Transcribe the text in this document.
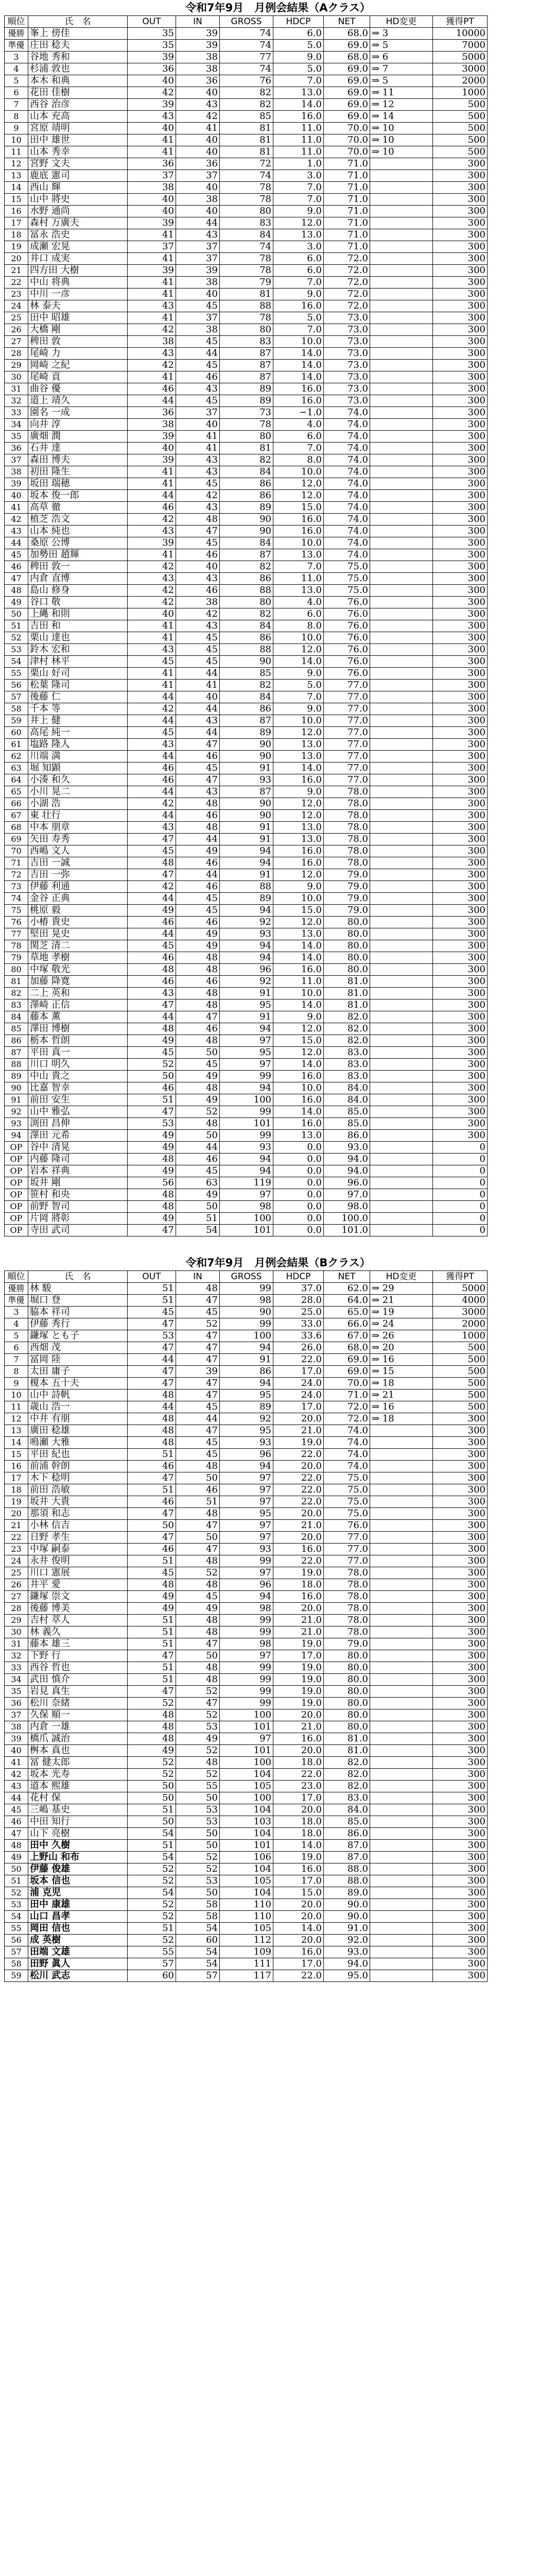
令和7年9月　月例会結果（Aクラス）
順位	氏　名	OUT	IN	GROSS	HDCP	NET	HD変更	獲得PT
優勝	峯上 傍佳	35	39	74	6.0	68.0	⇒ 3	10000
準優	庄田 稔夫	35	39	74	5.0	69.0	⇒ 5	7000
3	谷地 秀和	39	38	77	9.0	68.0	⇒ 6	5000
4	杉浦 敦也	36	38	74	5.0	69.0	⇒ 7	3000
5	本木 和典	40	36	76	7.0	69.0	⇒ 5	2000
6	花田 佳樹	42	40	82	13.0	69.0	⇒ 11	1000
7	西谷 治彦	39	43	82	14.0	69.0	⇒ 12	500
8	山本 充高	43	42	85	16.0	69.0	⇒ 14	500
9	宮原 靖明	40	41	81	11.0	70.0	⇒ 10	500
10	田中 雄世	41	40	81	11.0	70.0	⇒ 10	500
11	山本 秀幸	41	40	81	11.0	70.0	⇒ 10	500
12	宮野 文夫	36	36	72	1.0	71.0		300
13	鹿底 憲司	37	37	74	3.0	71.0		300
14	西山 輝	38	40	78	7.0	71.0		300
15	山中 將史	40	38	78	7.0	71.0		300
16	水野 通尚	40	40	80	9.0	71.0		300
17	森村 万廣夫	39	44	83	12.0	71.0		300
18	冨永 浩史	41	43	84	13.0	71.0		300
19	成瀬 宏晃	37	37	74	3.0	71.0		300
20	井口 成実	41	37	78	6.0	72.0		300
21	四方田 大樹	39	39	78	6.0	72.0		300
22	中山 将典	41	38	79	7.0	72.0		300
23	中川 一彦	41	40	81	9.0	72.0		300
24	林 泰夫	43	45	88	16.0	72.0		300
25	田中 昭雄	41	37	78	5.0	73.0		300
26	大橋 剛	42	38	80	7.0	73.0		300
27	稗田 敦	38	45	83	10.0	73.0		300
28	尾崎 力	43	44	87	14.0	73.0		300
29	岡崎 之紀	42	45	87	14.0	73.0		300
30	尾崎 貢	41	46	87	14.0	73.0		300
31	曲谷 優	46	43	89	16.0	73.0		300
32	道上 靖久	44	45	89	16.0	73.0		300
33	園名 一成	36	37	73	−1.0	74.0		300
34	向井 淳	38	40	78	4.0	74.0		300
35	廣畑 潤	39	41	80	6.0	74.0		300
36	石井 達	40	41	81	7.0	74.0		300
37	森田 博夫	39	43	82	8.0	74.0		300
38	初田 隆生	41	43	84	10.0	74.0		300
39	坂田 瑞穂	41	45	86	12.0	74.0		300
40	坂本 俊一郎	44	42	86	12.0	74.0		300
41	高草 徹	46	43	89	15.0	74.0		300
42	植芝 浩文	42	48	90	16.0	74.0		300
43	山本 純也	43	47	90	16.0	74.0		300
44	桑原 公博	39	45	84	10.0	74.0		300
45	加勢田 趙輝	41	46	87	13.0	74.0		300
46	稗田 敦一	42	40	82	7.0	75.0		300
47	内倉 直博	43	43	86	11.0	75.0		300
48	島山 修身	42	46	88	13.0	75.0		300
49	谷口 敬	42	38	80	4.0	76.0		300
50	上縄 和則	40	42	82	6.0	76.0		300
51	吉田 和	41	43	84	8.0	76.0		300
52	栗山 達也	41	45	86	10.0	76.0		300
53	鈴木 宏和	43	45	88	12.0	76.0		300
54	津村 林平	45	45	90	14.0	76.0		300
55	栗山 好司	41	44	85	9.0	76.0		300
56	松葉 隆司	41	41	82	5.0	77.0		300
57	後藤 仁	44	40	84	7.0	77.0		300
58	千本 等	42	44	86	9.0	77.0		300
59	井上 健	44	43	87	10.0	77.0		300
60	高尾 純一	45	44	89	12.0	77.0		300
61	塩路 隆人	43	47	90	13.0	77.0		300
62	川端 満	44	46	90	13.0	77.0		300
63	堀 知顕	46	45	91	14.0	77.0		300
64	小湊 和久	46	47	93	16.0	77.0		300
65	小川 晃二	44	43	87	9.0	78.0		300
66	小湖 浩	42	48	90	12.0	78.0		300
67	東 壮行	44	46	90	12.0	78.0		300
68	中本 朋章	43	48	91	13.0	78.0		300
69	矢田 寿秀	47	44	91	13.0	78.0		300
70	西嶋 文人	45	49	94	16.0	78.0		300
71	吉田 一誠	48	46	94	16.0	78.0		300
72	吉田 一弥	47	44	91	12.0	79.0		300
73	伊藤 利通	42	46	88	9.0	79.0		300
74	金谷 正典	44	45	89	10.0	79.0		300
75	桃原 毅	49	45	94	15.0	79.0		300
76	小椿 貴史	46	46	92	12.0	80.0		300
77	堅田 晃史	44	49	93	13.0	80.0		300
78	関芝 清二	45	49	94	14.0	80.0		300
79	草地 孝樹	46	48	94	14.0	80.0		300
80	中塚 敬光	48	48	96	16.0	80.0		300
81	加藤 降寛	46	46	92	11.0	81.0		300
82	二上 英和	43	48	91	10.0	81.0		300
83	澤崎 正信	47	48	95	14.0	81.0		300
84	藤本 薫	44	47	91	9.0	82.0		300
85	澤田 博樹	48	46	94	12.0	82.0		300
86	栃本 哲朗	49	48	97	15.0	82.0		300
87	平田 真一	45	50	95	12.0	83.0		300
88	川口 明久	52	45	97	14.0	83.0		300
89	中山 貴之	50	49	99	16.0	83.0		300
90	比嘉 智幸	46	48	94	10.0	84.0		300
91	前田 安生	51	49	100	16.0	84.0		300
92	山中 雅弘	47	52	99	14.0	85.0		300
93	渕田 昌伸	53	48	101	16.0	85.0		300
94	澤田 元希	49	50	99	13.0	86.0		300
OP	谷中 清晃	49	44	93	0.0	93.0		0
OP	内藤 隆司	48	46	94	0.0	94.0		0
OP	岩本 祥典	49	45	94	0.0	94.0		0
OP	坂井 剛	56	63	119	0.0	96.0		0
OP	笹村 和央	48	49	97	0.0	97.0		0
OP	前野 智司	48	50	98	0.0	98.0		0
OP	片岡 將彰	49	51	100	0.0	100.0		0
OP	寺田 武司	47	54	101	0.0	101.0		0
令和7年9月　月例会結果（Bクラス）
順位	氏　名	OUT	IN	GROSS	HDCP	NET	HD変更	獲得PT
優勝	林 駿	51	48	99	37.0	62.0	⇒ 29	5000
準優	堀口 登	51	47	98	28.0	64.0	⇒ 21	4000
3	脇本 祥司	45	45	90	25.0	65.0	⇒ 19	3000
4	伊藤 秀行	47	52	99	33.0	66.0	⇒ 24	2000
5	鎌塚 とも子	53	47	100	33.6	67.0	⇒ 26	1000
6	西畑 茂	47	47	94	26.0	68.0	⇒ 20	500
7	冨岡 陸	44	47	91	22.0	69.0	⇒ 16	500
8	太田 庸子	47	39	86	17.0	69.0	⇒ 15	500
9	榎本 五十夫	47	47	94	24.0	70.0	⇒ 18	500
10	山中 詩帆	48	47	95	24.0	71.0	⇒ 21	500
11	歳山 浩一	44	45	89	17.0	72.0	⇒ 16	500
12	中井 有朋	48	44	92	20.0	72.0	⇒ 18	300
13	廣田 稔雄	48	47	95	21.0	74.0		300
14	鳴瀬 大雅	48	45	93	19.0	74.0		300
15	平田 紀也	51	45	96	22.0	74.0		300
16	前浦 幹朗	46	48	94	20.0	74.0		300
17	木下 稔明	47	50	97	22.0	75.0		300
18	前田 浩敏	51	46	97	22.0	75.0		300
19	坂井 大貴	46	51	97	22.0	75.0		300
20	那須 和志	47	48	95	20.0	75.0		300
21	小林 信吉	50	47	97	21.0	76.0		300
22	日野 孝生	47	50	97	20.0	77.0		300
23	中塚 嗣泰	46	47	93	16.0	77.0		300
24	永井 俊明	51	48	99	22.0	77.0		300
25	川口 憲展	45	52	97	19.0	78.0		300
26	井平 愛	48	48	96	18.0	78.0		300
27	鎌塚 崇文	49	45	94	16.0	78.0		300
28	後藤 博美	49	49	98	20.0	78.0		300
29	吉村 萃人	51	48	99	21.0	78.0		300
30	林 義久	51	48	99	21.0	78.0		300
31	藤本 雄三	51	47	98	19.0	79.0		300
32	下野 行	47	50	97	17.0	80.0		300
33	西谷 哲也	51	48	99	19.0	80.0		300
34	武田 慎介	51	48	99	19.0	80.0		300
35	岩見 真生	47	52	99	19.0	80.0		300
36	松川 奈緒	52	47	99	19.0	80.0		300
37	久保 順一	48	52	100	20.0	80.0		300
38	内倉 一雄	48	53	101	21.0	80.0		300
39	橋爪 誠治	48	49	97	16.0	81.0		300
40	桝本 真也	49	52	101	20.0	81.0		300
41	冨 健太郎	52	48	100	18.0	82.0		300
42	坂本 光寿	52	52	104	22.0	82.0		300
43	道本 熙雄	50	55	105	23.0	82.0		300
44	花村 保	50	50	100	17.0	83.0		300
45	三嶋 基史	51	53	104	20.0	84.0		300
46	中田 知行	50	53	103	18.0	85.0		300
47	山下 亮樹	54	50	104	18.0	86.0		300
48	田中 久樹	51	50	101	14.0	87.0		300
49	上野山 和布	54	52	106	19.0	87.0		300
50	伊藤 俊雄	52	52	104	16.0	88.0		300
51	坂本 信也	52	53	105	17.0	88.0		300
52	浦 克児	54	50	104	15.0	89.0		300
53	田中 康雄	52	58	110	20.0	90.0		300
54	山口 昌孝	52	58	110	20.0	90.0		300
55	岡田 信也	51	54	105	14.0	91.0		300
56	成 英樹	52	60	112	20.0	92.0		300
57	田端 文雄	55	54	109	16.0	93.0		300
58	田野 眞人	57	54	111	17.0	94.0		300
59	松川 武志	60	57	117	22.0	95.0		300
